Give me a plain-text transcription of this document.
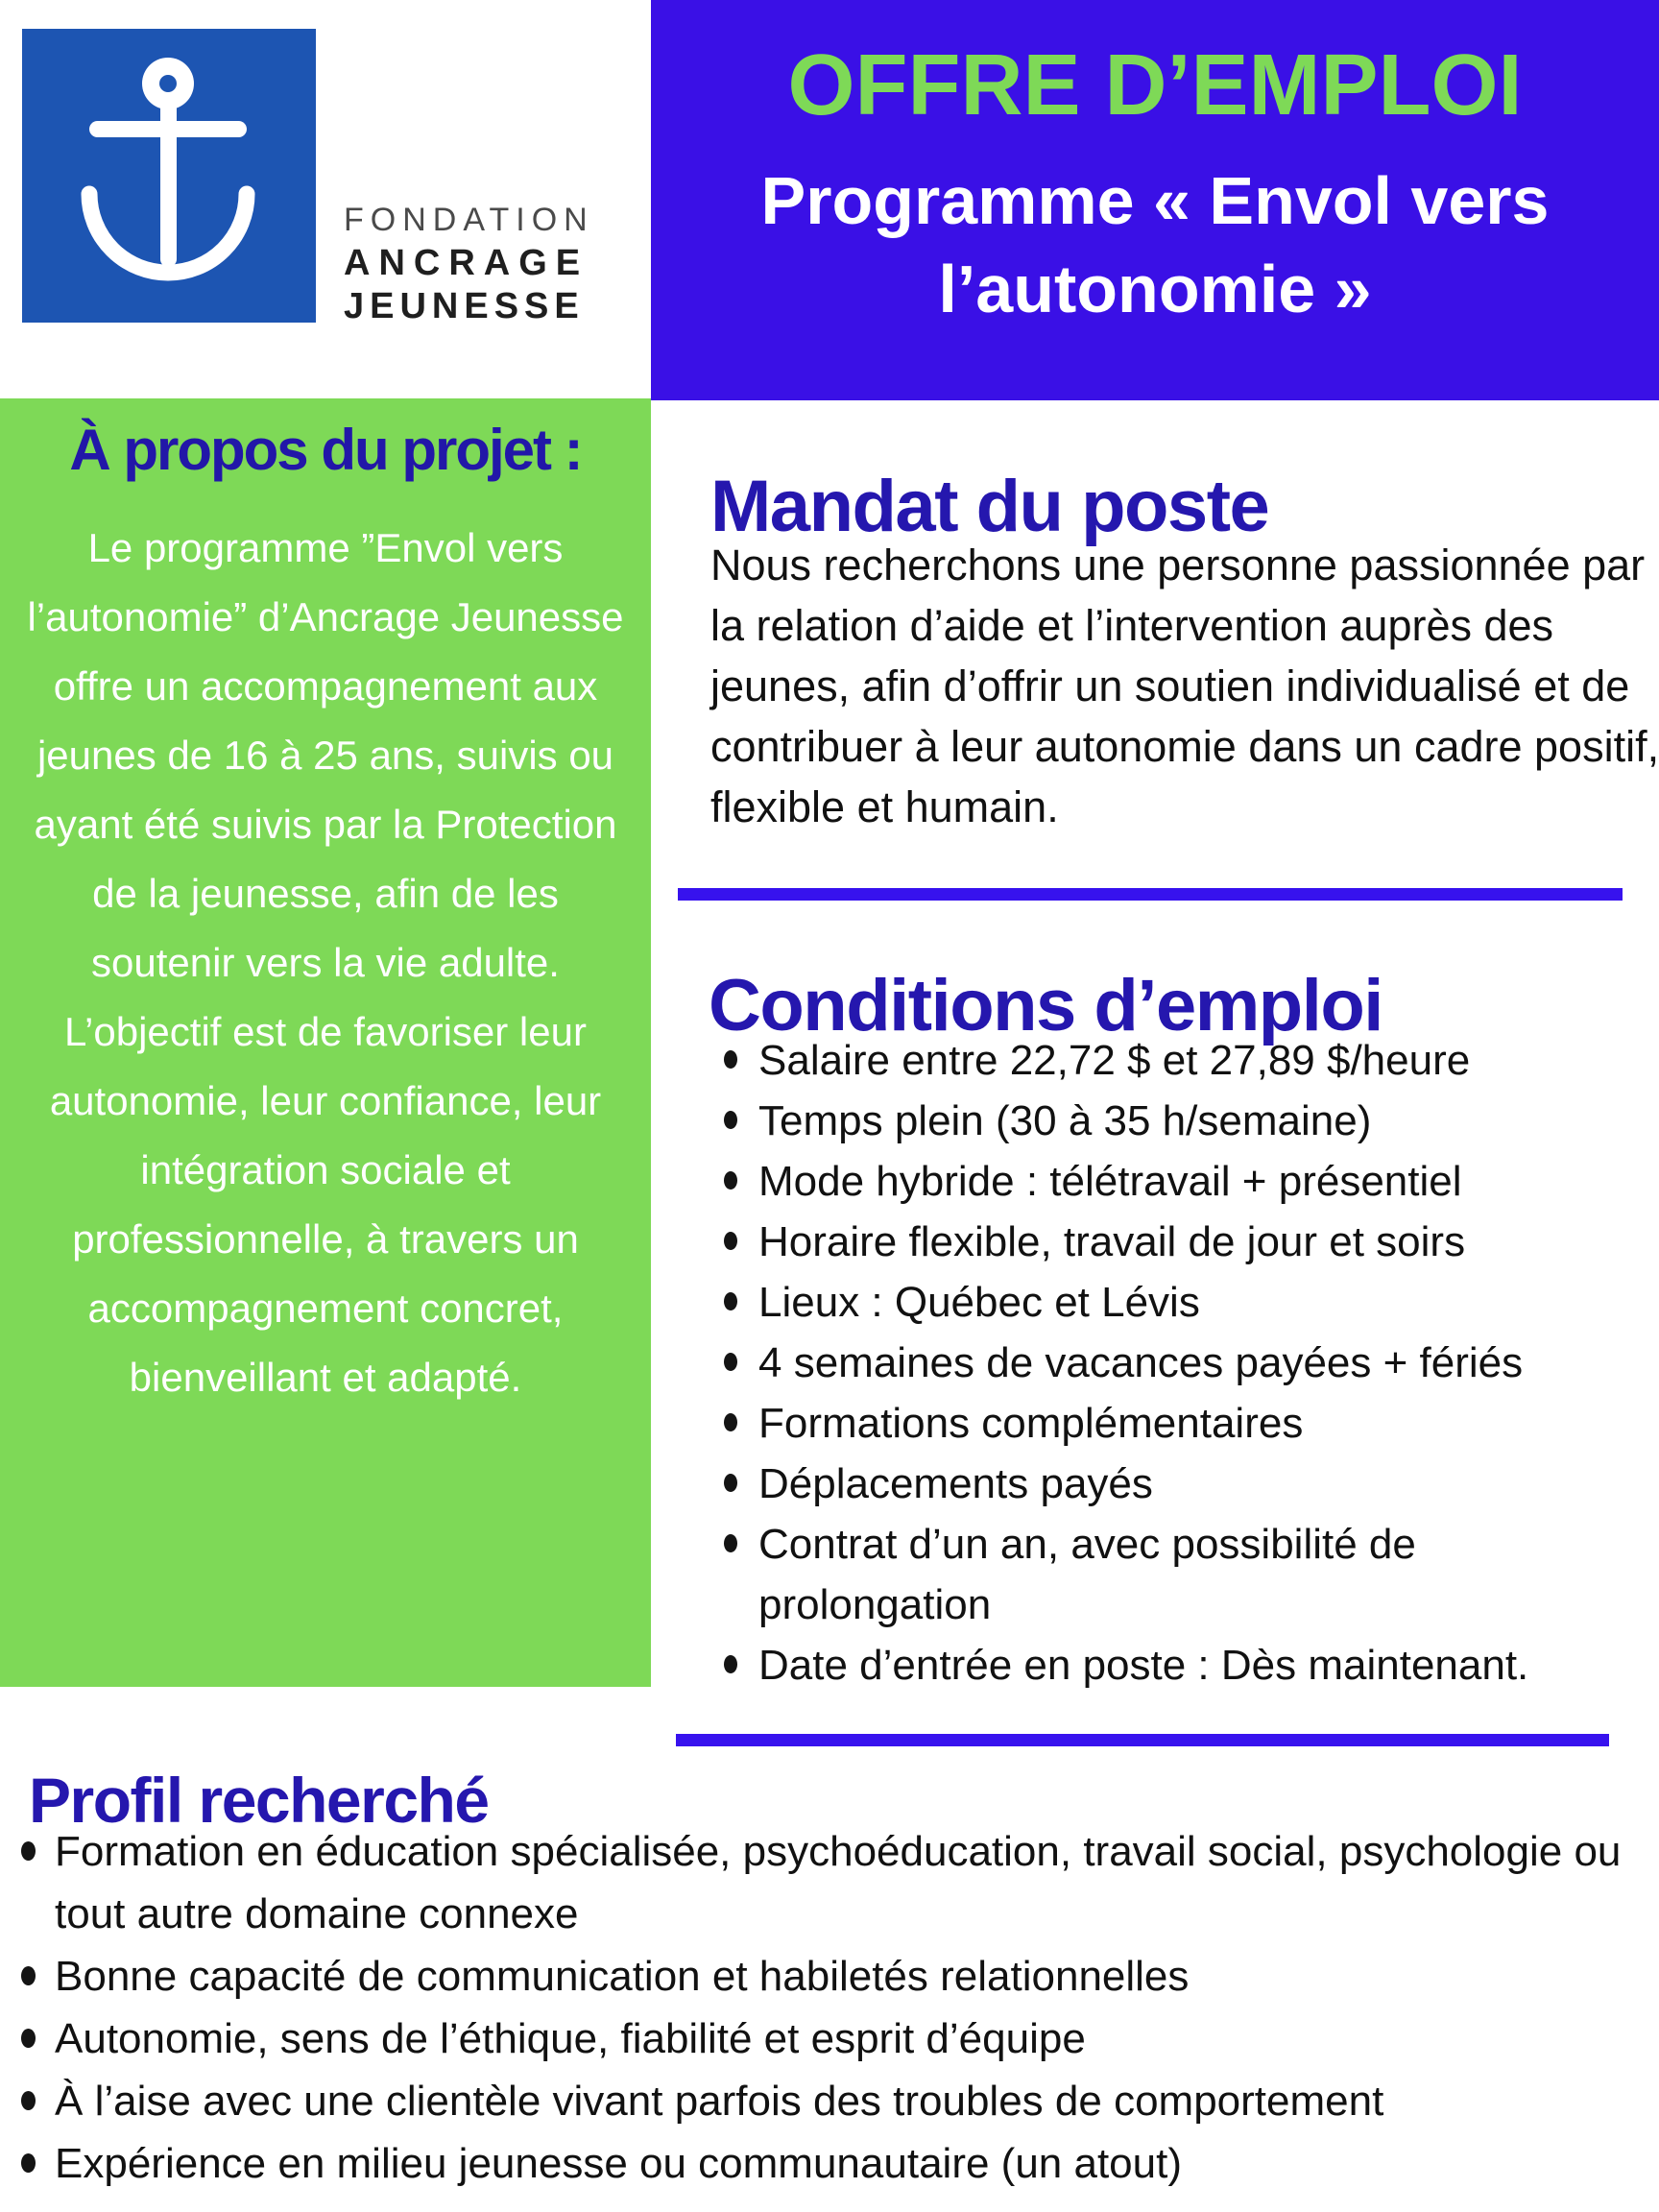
FONDATION
ANCRAGE
JEUNESSE
OFFRE D’EMPLOI
Programme « Envol vers
l’autonomie »
À propos du projet :

Le programme ”Envol vers l’autonomie” d’Ancrage Jeunesse offre un accompagnement aux jeunes de 16 à 25 ans, suivis ou ayant été suivis par la Protection de la jeunesse, afin de les soutenir vers la vie adulte. L’objectif est de favoriser leur autonomie, leur confiance, leur intégration sociale et professionnelle, à travers un accompagnement concret, bienveillant et adapté.

Mandat du poste

Nous recherchons une personne passionnée par la relation d’aide et l’intervention auprès des jeunes, afin d’offrir un soutien individualisé et de contribuer à leur autonomie dans un cadre positif, flexible et humain.

Conditions d’emploi
Salaire entre 22,72 $ et 27,89 $/heure
Temps plein (30 à 35 h/semaine)
Mode hybride : télétravail + présentiel
Horaire flexible, travail de jour et soirs
Lieux : Québec et Lévis
4 semaines de vacances payées + fériés
Formations complémentaires
Déplacements payés
Contrat d’un an, avec possibilité de prolongation
Date d’entrée en poste : Dès maintenant.
Profil recherché
Formation en éducation spécialisée, psychoéducation, travail social, psychologie ou tout autre domaine connexe
Bonne capacité de communication et habiletés relationnelles
Autonomie, sens de l’éthique, fiabilité et esprit d’équipe
À l’aise avec une clientèle vivant parfois des troubles de comportement
Expérience en milieu jeunesse ou communautaire (un atout)
